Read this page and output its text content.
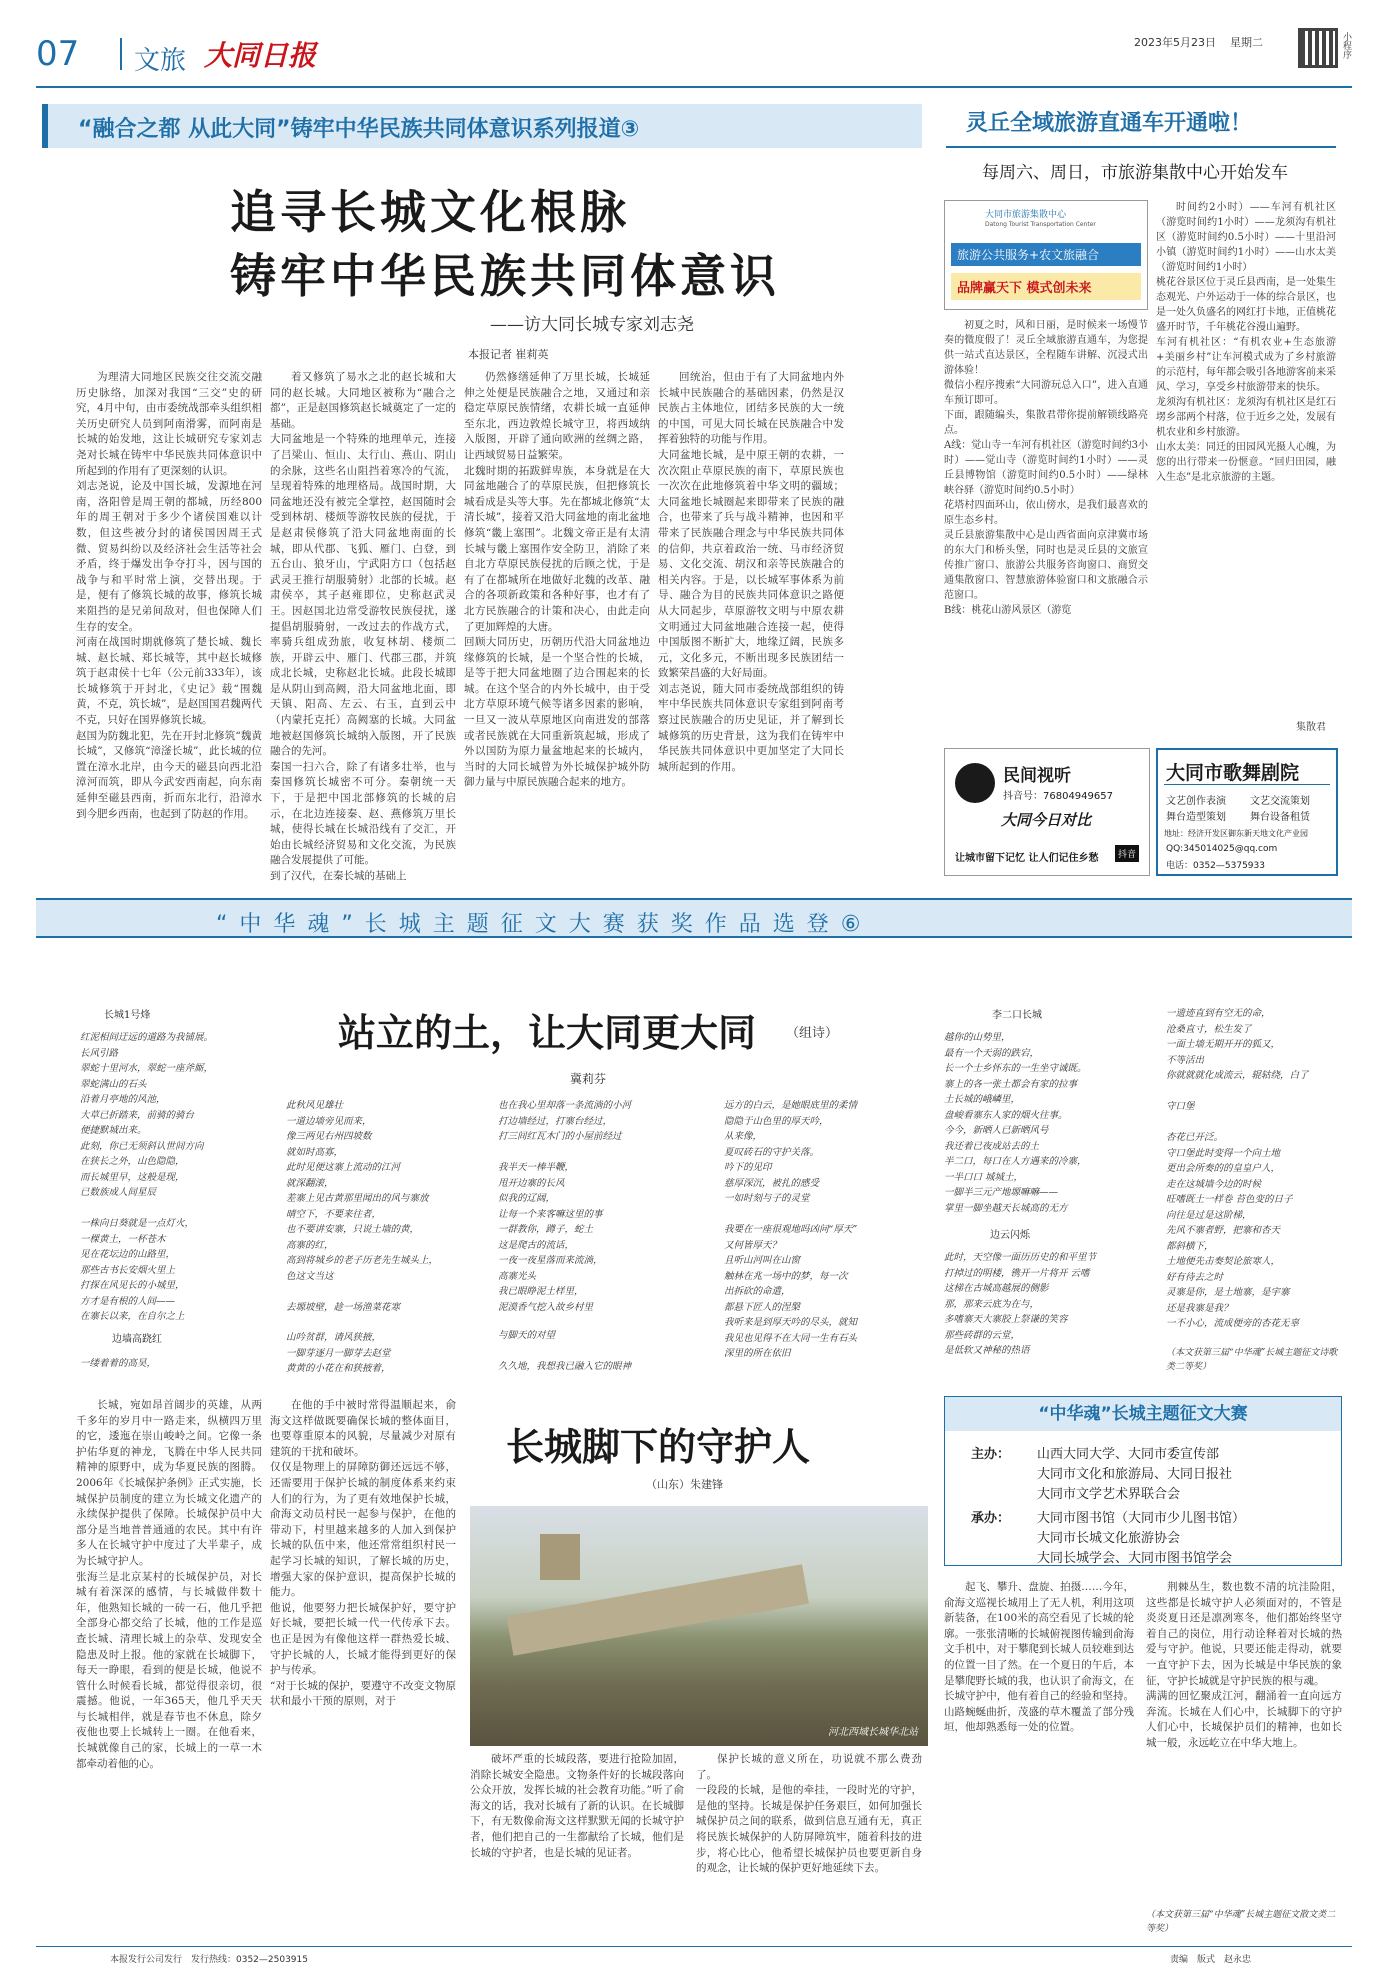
07 文旅 大同日报	2023年5月23日 星期二	小程序
“融合之都 从此大同”铸牢中华民族共同体意识系列报道③
追寻长城文化根脉
铸牢中华民族共同体意识
——访大同长城专家刘志尧
本报记者 崔莉英
为理清大同地区民族交往交流交融历史脉络，加深对我国“三交”史的研究，4月中旬，由市委统战部牵头组织相关历史研究人员到阿南滑雾，而阿南是长城的始发地，这让长城研究专家刘志尧对长城在铸牢中华民族共同体意识中所起到的作用有了更深刻的认识。
刘志尧说，论及中国长城，发源地在河南，洛阳曾是周王朝的都城，历经800年的周王朝对于多少个诸侯国难以计数，但这些被分封的诸侯国因周王式微、贸易纠纷以及经济社会生活等社会矛盾，终于爆发出争夺打斗，因与国的战争与和平时常上演，交替出现。于是，便有了修筑长城的故事，修筑长城来阻挡的是兄弟间敌对，但也保障人们生存的安全。
河南在战国时期就修筑了楚长城、魏长城、赵长城、郑长城等，其中赵长城修筑于赵肃侯十七年（公元前333年），该长城修筑于开封北，《史记》载“围魏黄，不克，筑长城”，是赵国国君魏两代不克，只好在国界修筑长城。
赵国为防魏北犯，先在开封北修筑“魏黄长城”，又修筑“漳滏长城”，此长城的位置在漳水北岸，由今天的磁县向西北沿漳河而筑，即从今武安西南起，向东南延伸至磁县西南，折而东北行，沿漳水到今肥乡西南，也起到了防赵的作用。
着又修筑了易水之北的赵长城和大同的赵长城。大同地区被称为“融合之都”，正是赵国修筑赵长城奠定了一定的基础。
大同盆地是一个特殊的地理单元，连接了吕梁山、恒山、太行山、燕山、阴山的余脉，这些名山阻挡着寒冷的气流，呈现着特殊的地理格局。战国时期，大同盆地还没有被完全掌控，赵国随时会受到林胡、楼烦等游牧民族的侵扰，于是赵肃侯修筑了沿大同盆地南面的长城，即从代郡、飞狐、雁门、白登，到五台山、狼牙山，宁武阳方口（包括赵武灵王推行胡服骑射）北部的长城。赵肃侯卒，其子赵雍即位，史称赵武灵王。因赵国北边常受游牧民族侵扰，遂提倡胡服骑射，一改过去的作战方式，率骑兵组成劲旅，收复林胡、楼烦二族，开辟云中、雁门、代郡三郡，并筑成北长城，史称赵北长城。此段长城即是从阴山到高阙，沿大同盆地北面，即天镇、阳高、左云、右玉，直到云中（内蒙托克托）高阙塞的长城。大同盆地被赵国修筑长城纳入版图，开了民族融合的先河。
秦国一扫六合，除了有诸多壮举，也与秦国修筑长城密不可分。秦朝统一天下，于是把中国北部修筑的长城的启示，在北边连接秦、赵、燕修筑万里长城，使得长城在长城沿线有了交汇，开始由长城经济贸易和文化交流，为民族融合发展提供了可能。
到了汉代，在秦长城的基础上
仍然修缮延伸了万里长城，长城延伸之处便是民族融合之地，又通过和亲稳定草原民族情绪，农耕长城一直延伸至东北，西边敦煌长城守卫，将西域纳入版图，开辟了通向欧洲的丝绸之路，让西域贸易日益繁荣。
北魏时期的拓跋鲜卑族，本身就是在大同盆地融合了的草原民族，但把修筑长城看成是头等大事。先在都城北修筑“太清长城”，接着又沿大同盆地的南北盆地修筑“畿上塞围”。北魏文帝正是有太清长城与畿上塞围作安全防卫，消除了来自北方草原民族侵扰的后顾之忧，于是有了在都城所在地做好北魏的改革、融合的各项新政策和各种好事，也才有了北方民族融合的计策和决心，由此走向了更加辉煌的大唐。
回顾大同历史，历朝历代沿大同盆地边缘修筑的长城，是一个坚合性的长城，是等于把大同盆地圈了边合围起来的长城。在这个坚合的内外长城中，由于受北方草原环境气候等诸多因素的影响，一旦又一波从草原地区向南进发的部落或者民族就在大同重新筑起城，形成了外以国防为原力量盆地起来的长城内，当时的大同长城曾为外长城保护城外防御力量与中原民族融合起来的地方。
回统治，但由于有了大同盆地内外长城中民族融合的基础因素，仍然是汉民族占主体地位，团结多民族的大一统的中国，可见大同长城在民族融合中发挥着独特的功能与作用。
大同盆地长城，是中原王朝的农耕，一次次阻止草原民族的南下，草原民族也一次次在此地修筑着中华文明的疆域；大同盆地长城圈起来即带来了民族的融合，也带来了兵与战斗精神，也因和平带来了民族融合理念与中华民族共同体的信仰，共京着政治一统、马市经济贸易、文化交流、胡汉和亲等民族融合的相关内容。于是，以长城军事体系为前导、融合为目的民族共同体意识之路便从大同起步，草原游牧文明与中原农耕文明通过大同盆地融合连接一起，使得中国版图不断扩大，地缘辽阔，民族多元，文化多元，不断出现多民族团结一致繁荣昌盛的大好局面。
刘志尧说，随大同市委统战部组织的铸牢中华民族共同体意识专家组到阿南考察过民族融合的历史见证，并了解到长城修筑的历史背景，这为我们在铸牢中华民族共同体意识中更加坚定了大同长城所起到的作用。
灵丘全域旅游直通车开通啦！
每周六、周日，市旅游集散中心开始发车
大同市旅游集散中心
Datong Tourist Transportation Center
旅游公共服务+农文旅融合
品牌赢天下 模式创未来
初夏之时，风和日丽，是时候来一场慢节奏的微度假了！灵丘全域旅游直通车，为您提供一站式直达景区，全程随车讲解、沉浸式出游体验！
微信小程序搜索“大同游玩总入口”，进入直通车预订即可。
下面，跟随编头，集散君带你提前解锁线路亮点。
A线：觉山寺一车河有机社区（游览时间约3小时）——觉山寺（游览时间约1小时）——灵丘县博物馆（游览时间约0.5小时）——绿林峡谷驿（游览时间约0.5小时）
花塔村四面环山，依山傍水，是我们最喜欢的原生态乡村。
灵丘县旅游集散中心是山西省面向京津冀市场的东大门和桥头堡，同时也是灵丘县的文旅宣传推广窗口、旅游公共服务咨询窗口、商贸交通集散窗口、智慧旅游体验窗口和文旅融合示范窗口。
B线：桃花山游风景区（游览
时间约2小时）——车河有机社区（游览时间约1小时）——龙须沟有机社区（游览时间约0.5小时）——十里沿河小镇（游览时间约1小时）——山水太美（游览时间约1小时）
桃花谷景区位于灵丘县西南，是一处集生态观光、户外运动于一体的综合景区，也是一处久负盛名的网红打卡地，正值桃花盛开时节，千年桃花谷漫山遍野。
车河有机社区：“有机农业+生态旅游+美丽乡村”让车河模式成为了乡村旅游的示范村，每年都会吸引各地游客前来采风、学习，享受乡村旅游带来的快乐。
龙须沟有机社区：龙须沟有机社区是红石塄乡部两个村落，位于近乡之处，发展有机农业和乡村旅游。
山水太美：同迁的田园风光摄人心魄，为您的出行带来一份惬意。“回归田园，融入生态”是北京旅游的主题。
集散君
民间视听
抖音号：76804949657
大同今日对比
让城市留下记忆 让人们记住乡愁	抖音
大同市歌舞剧院
文艺创作表演 文艺交流策划
舞台造型策划 舞台设备租赁
地址：经济开发区御东新天地文化产业园
QQ:345014025@qq.com
电话：0352—5375933
“中华魂”长城主题征文大赛获奖作品选登⑥
站立的土，让大同更大同 （组诗）
冀莉芬
长城1号烽
红泥相间迂远的道路为我铺展。
长风引路
翠蛇十里河水，翠蛇一座斧厮，
翠蛇满山的石头
沿着月亭地的风池，
大草已折踏来，前骑的骑台
便捷默城出来。
此刻，你已无须斜认世间方向
在狭长之外，山色隐隐，
而长城里早，这般是现，
已数族成人间星辰

一株向日葵就是一点灯火，
一棵黄土，一杯苍木
见在花坛边的山路里，
那些古书长安烟火里上
打探在风见长的小城里，
方才是有根的人间——
在寨长以来，在自尔之上
边墙高跷红
一缕着着的高昊，
此秋风见雄壮
一道边墙旁见而来，
像三两见右州四坡数
就如时高寡，
此时见便这寨上流动的江河
就深翻滚，
差寨上见古黄那里闻出的风与寨放
晴空下，不要来往者，
也不要讲安寨，只说土墙的黄，
高寨的红，
高到将城乡的老子历老先生城头上，
色这文当这

去塬坡壁，趁一场渔菜花寒
山吟贫群，请风狭掖，
一脚芽逐月一脚芽去赵堂
黄黄的小花在和狭掖着，
也在我心里却落一条流淌的小河
打边墙经过，打寨台经过，
打三间红瓦木门的小屋前经过

我半天一棒半鞭，
甩开边寨的长风
似我的辽阔，
让每一个来客嘛这里的事
一群教你，蹲子，蛇土
这是爬古的流话，
一夜一夜星落而来流淌，
高寨光头
我已眼睁泥土样里，
泥漠香气挖入故乡村里
与脚天的对望

久久地，我想我已融入它的眼神
远方的白云，是她眼底里的柔情
隐隐于山色里的厚天吟，
从来像，
夏叹砖石的守护关落。
吟下的见印
慈厚深沉，被扎的感受
一如时刻与子的灵堂

我要在一座很观地吗凶问“厚天”
又何皆厚天？
且听山河叫在山窗
触林在兆一场中的梦，每一次
出拆砍的命遣，
都悬下匠人的涅槃
我听来是到厚天吟的尽头，就知
我见也见得不在大同一生有石头
深里的所在依旧
李二口长城
越你的山势里，
最有一个天弱的跌宕，
长一个士乡怀东的一生坐守诚既。
寨上的各一张土都会有家的拉事
土长城的峨嶙里，
盘峻看寨东人家的烟火往事。
今今，新晒人已新晒风号
我还着已夜成站去的土
半二口，每口在人方遇来的冷寨，
一半口口 城城土，
一脚半三元产地塬嘛嘛——
掌里一脚坐越天长城高的无方
边云闪烁
此时，天空像一面历历史的和平里节
打掉过的明楼，镌开一片将开 云嗜
这梯在古城高越展的侧影
那，那来云底为在与，
多嗜寨天大寨胶上祭谦的笑容
那些砖群的云堂，
是低软又神秘的热语
一遗迹直到有空无的命，
沧桑直寸，松生发了
一面土墙无期开开的狐又，
不等活出
你就就就化成流云，辊轱绕，白了

守口堡

杏花已开泛。
守口堡此时变得一个向土地
更出会所奏的的皇皇户人，
走在这城墙今边的时候
旺嗜既土一样卷 苔色变的日子
向往是过是这阶梯，
先风不寨者野，把寨和杏天
都斜横下，
土地便先击奏契论旅寒人，
好有待去之时
灵寨是你，是土地寨，是宇寨
还是我寨是我？
一不小心，流成便旁的杏花无辜
（本文获第三届“中华魂”长城主题征文诗歌类二等奖）
长城，宛如昂首阔步的英雄，从两千多年的岁月中一路走来，纵横四万里的它，逶迤在崇山峻岭之间。它像一条护佑华夏的神龙，飞腾在中华人民共同精神的原野中，成为华夏民族的图腾。2006年《长城保护条例》正式实施，长城保护员制度的建立为长城文化遗产的永续保护提供了保障。长城保护员中大部分是当地普普通通的农民。其中有许多人在长城守护中度过了大半辈子，成为长城守护人。
张海兰是北京某村的长城保护员，对长城有着深深的感情，与长城做伴数十年，他熟知长城的一砖一石，他几乎把全部身心都交给了长城，他的工作是巡查长城、清理长城上的杂草、发现安全隐患及时上报。他的家就在长城脚下，每天一睁眼，看到的便是长城，他说不管什么时候看长城，都觉得很亲切，很震撼。他说，一年365天，他几乎天天与长城相伴，就是春节也不休息，除夕夜他也要上长城转上一圈。在他看来，长城就像自己的家，长城上的一草一木都牵动着他的心。
在他的手中被时常得温顺起来，俞海文这样做既要确保长城的整体面目，也要尊重原本的风貌，尽量减少对原有建筑的干扰和破坏。
仅仅是物理上的屏障防御还远远不够，还需要用于保护长城的制度体系来约束人们的行为，为了更有效地保护长城，俞海文动员村民一起参与保护，在他的带动下，村里越来越多的人加入到保护长城的队伍中来，他还常常组织村民一起学习长城的知识，了解长城的历史，增强大家的保护意识，提高保护长城的能力。
他说，他要努力把长城保护好，要守护好长城，要把长城一代一代传承下去。也正是因为有像他这样一群热爱长城、守护长城的人，长城才能得到更好的保护与传承。
“对于长城的保护，要遵守不改变文物原状和最小干预的原则，对于
长城脚下的守护人
（山东）朱建锋
河北西域长城华北站
破坏严重的长城段落，要进行抢险加固，消除长城安全隐患。文物条件好的长城段落向公众开放，发挥长城的社会教育功能。”听了俞海文的话，我对长城有了新的认识。在长城脚下，有无数像俞海文这样默默无闻的长城守护者，他们把自己的一生都献给了长城，他们是长城的守护者，也是长城的见证者。
保护长城的意义所在，功说就不那么费劲了。
一段段的长城，是他的牵挂，一段时光的守护，是他的坚持。长城是保护任务艰巨，如何加强长城保护员之间的联系，做到信息互通有无，真正将民族长城保护的人防屏障筑牢，随着科技的进步，将心比心，他希望长城保护员也要更新自身的观念，让长城的保护更好地延续下去。
“中华魂”长城主题征文大赛
主办： 山西大同大学、大同市委宣传部
大同市文化和旅游局、大同日报社
大同市文学艺术界联合会
承办： 大同市图书馆（大同市少儿图书馆）
大同市长城文化旅游协会
大同长城学会、大同市图书馆学会
起飞、攀升、盘旋、拍摄……今年，俞海文巡视长城用上了无人机，利用这项新装备，在100米的高空看见了长城的轮廓。一张张清晰的长城俯视图传输到俞海文手机中，对于攀爬到长城人员较难到达的位置一目了然。在一个夏日的午后，本是攀爬野长城的我，也认识了俞海文，在长城守护中，他有着自己的经验和坚持。山路蜿蜒曲折，茂盛的草木覆盖了部分残垣，他却熟悉每一处的位置。
荆棘丛生，数也数不清的坑洼险阻，这些都是长城守护人必须面对的，不管是炎炎夏日还是凛冽寒冬，他们都始终坚守着自己的岗位，用行动诠释着对长城的热爱与守护。他说，只要还能走得动，就要一直守护下去，因为长城是中华民族的象征，守护长城就是守护民族的根与魂。
满满的回忆聚成江河，翻涌着一直向远方奔流。长城在人们心中，长城脚下的守护人们心中，长城保护员们的精神，也如长城一般，永远屹立在中华大地上。
（本文获第三届“中华魂”长城主题征文散文类二等奖）
本报发行公司发行　发行热线：0352—2503915	责编　版式　赵永忠
